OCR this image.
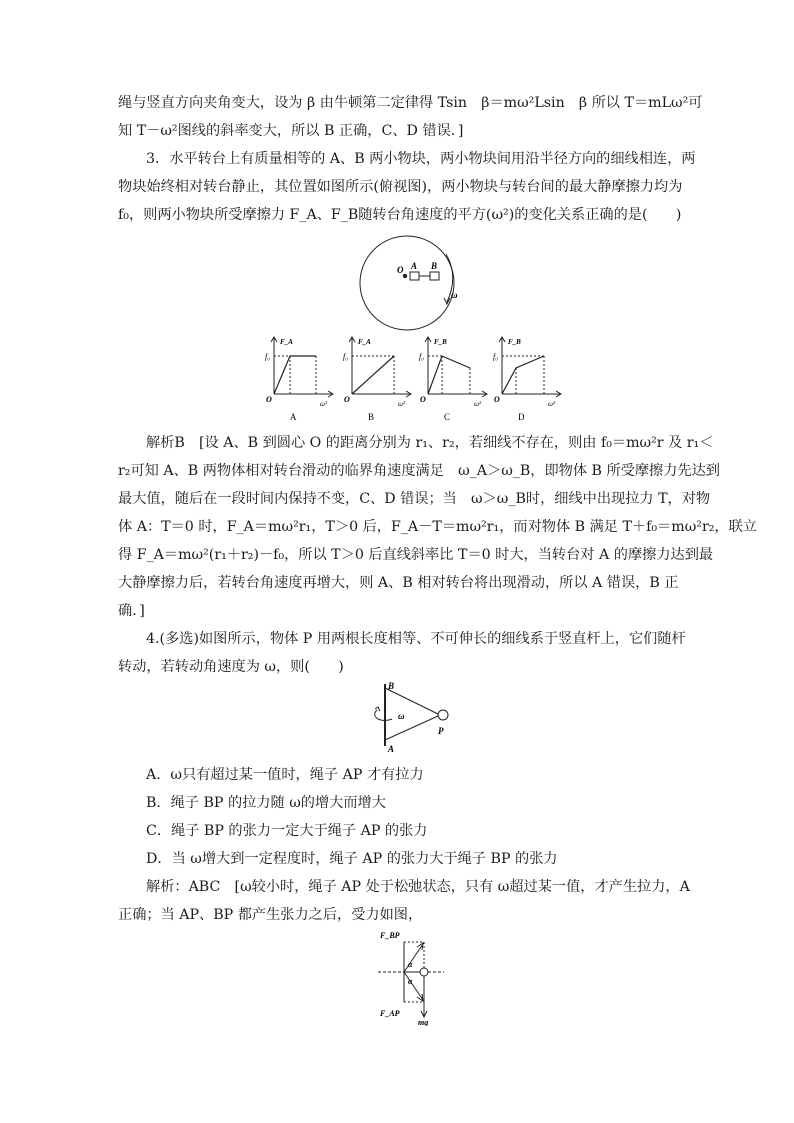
绳与竖直方向夹角变大，设为 β 由牛顿第二定律得 Tsin　β＝mω²Lsin　β 所以 T＝mLω²可
知 T－ω²图线的斜率变大，所以 B 正确，C、D 错误．]
3．水平转台上有质量相等的 A、B 两小物块，两小物块间用沿半径方向的细线相连，两
物块始终相对转台静止，其位置如图所示(俯视图)，两小物块与转台间的最大静摩擦力均为
f₀，则两小物块所受摩擦力 F_A、F_B随转台角速度的平方(ω²)的变化关系正确的是(　　)
O A B
ω
F_A
f₀
O	ω²
A
F_A
f₀
O	ω²
B
F_B
f₀
O	ω²
C
F_B
f₀
O	ω²
D
解析B　[设 A、B 到圆心 O 的距离分别为 r₁、r₂，若细线不存在，则由 f₀＝mω²r 及 r₁＜
r₂可知 A、B 两物体相对转台滑动的临界角速度满足　ω_A＞ω_B，即物体 B 所受摩擦力先达到
最大值，随后在一段时间内保持不变，C、D 错误；当　ω＞ω_B时，细线中出现拉力 T，对物
体 A：T＝0 时，F_A＝mω²r₁，T＞0 后，F_A－T＝mω²r₁，而对物体 B 满足 T＋f₀＝mω²r₂，联立
得 F_A＝mω²(r₁＋r₂)－f₀，所以 T＞0 后直线斜率比 T＝0 时大，当转台对 A 的摩擦力达到最
大静摩擦力后，若转台角速度再增大，则 A、B 相对转台将出现滑动，所以 A 错误，B 正
确．]
4.(多选)如图所示，物体 P 用两根长度相等、不可伸长的细线系于竖直杆上，它们随杆
转动，若转动角速度为 ω，则(　　)
B
A
P
ω
A．ω只有超过某一值时，绳子 AP 才有拉力
B．绳子 BP 的拉力随 ω的增大而增大
C．绳子 BP 的张力一定大于绳子 AP 的张力
D．当 ω增大到一定程度时，绳子 AP 的张力大于绳子 BP 的张力
解析：ABC　[ω较小时，绳子 AP 处于松弛状态，只有 ω超过某一值，才产生拉力，A
正确；当 AP、BP 都产生张力之后，受力如图，
F_BP
F_AP
mg
α
α
